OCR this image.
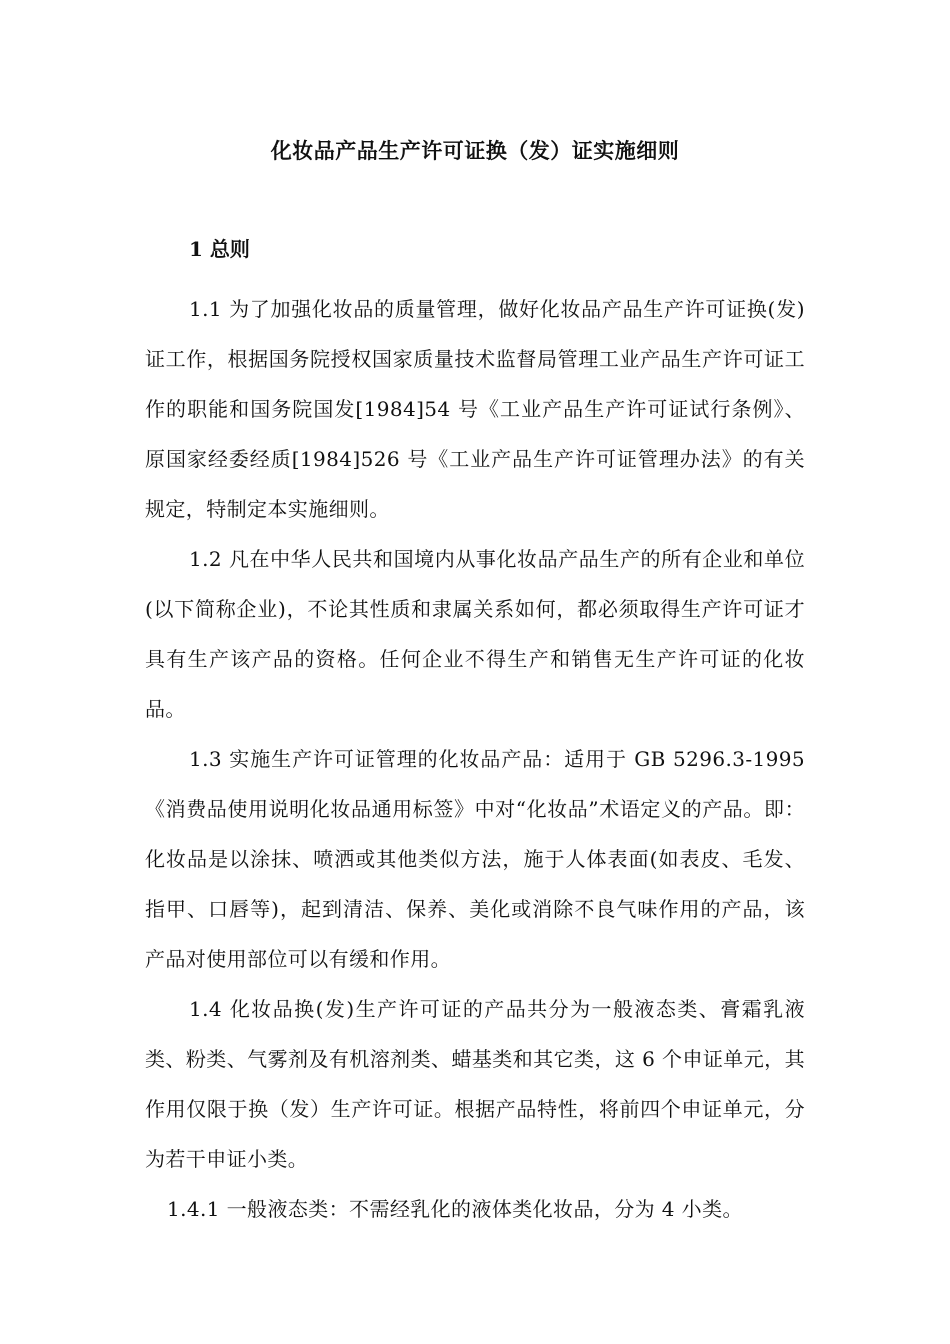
化妆品产品生产许可证换（发）证实施细则
1 总则

1.1 为了加强化妆品的质量管理，做好化妆品产品生产许可证换(发)证工作，根据国务院授权国家质量技术监督局管理工业产品生产许可证工作的职能和国务院国发[1984]54 号《工业产品生产许可证试行条例》、原国家经委经质[1984]526 号《工业产品生产许可证管理办法》的有关规定，特制定本实施细则。

1.2 凡在中华人民共和国境内从事化妆品产品生产的所有企业和单位(以下简称企业)，不论其性质和隶属关系如何，都必须取得生产许可证才具有生产该产品的资格。任何企业不得生产和销售无生产许可证的化妆品。

1.3 实施生产许可证管理的化妆品产品：适用于 GB 5296.3-1995《消费品使用说明化妆品通用标签》中对“化妆品”术语定义的产品。即：化妆品是以涂抹、喷洒或其他类似方法，施于人体表面(如表皮、毛发、指甲、口唇等)，起到清洁、保养、美化或消除不良气味作用的产品，该产品对使用部位可以有缓和作用。

1.4 化妆品换(发)生产许可证的产品共分为一般液态类、膏霜乳液类、粉类、气雾剂及有机溶剂类、蜡基类和其它类，这 6 个申证单元，其作用仅限于换（发）生产许可证。根据产品特性，将前四个申证单元，分为若干申证小类。

1.4.1 一般液态类：不需经乳化的液体类化妆品，分为 4 小类。
